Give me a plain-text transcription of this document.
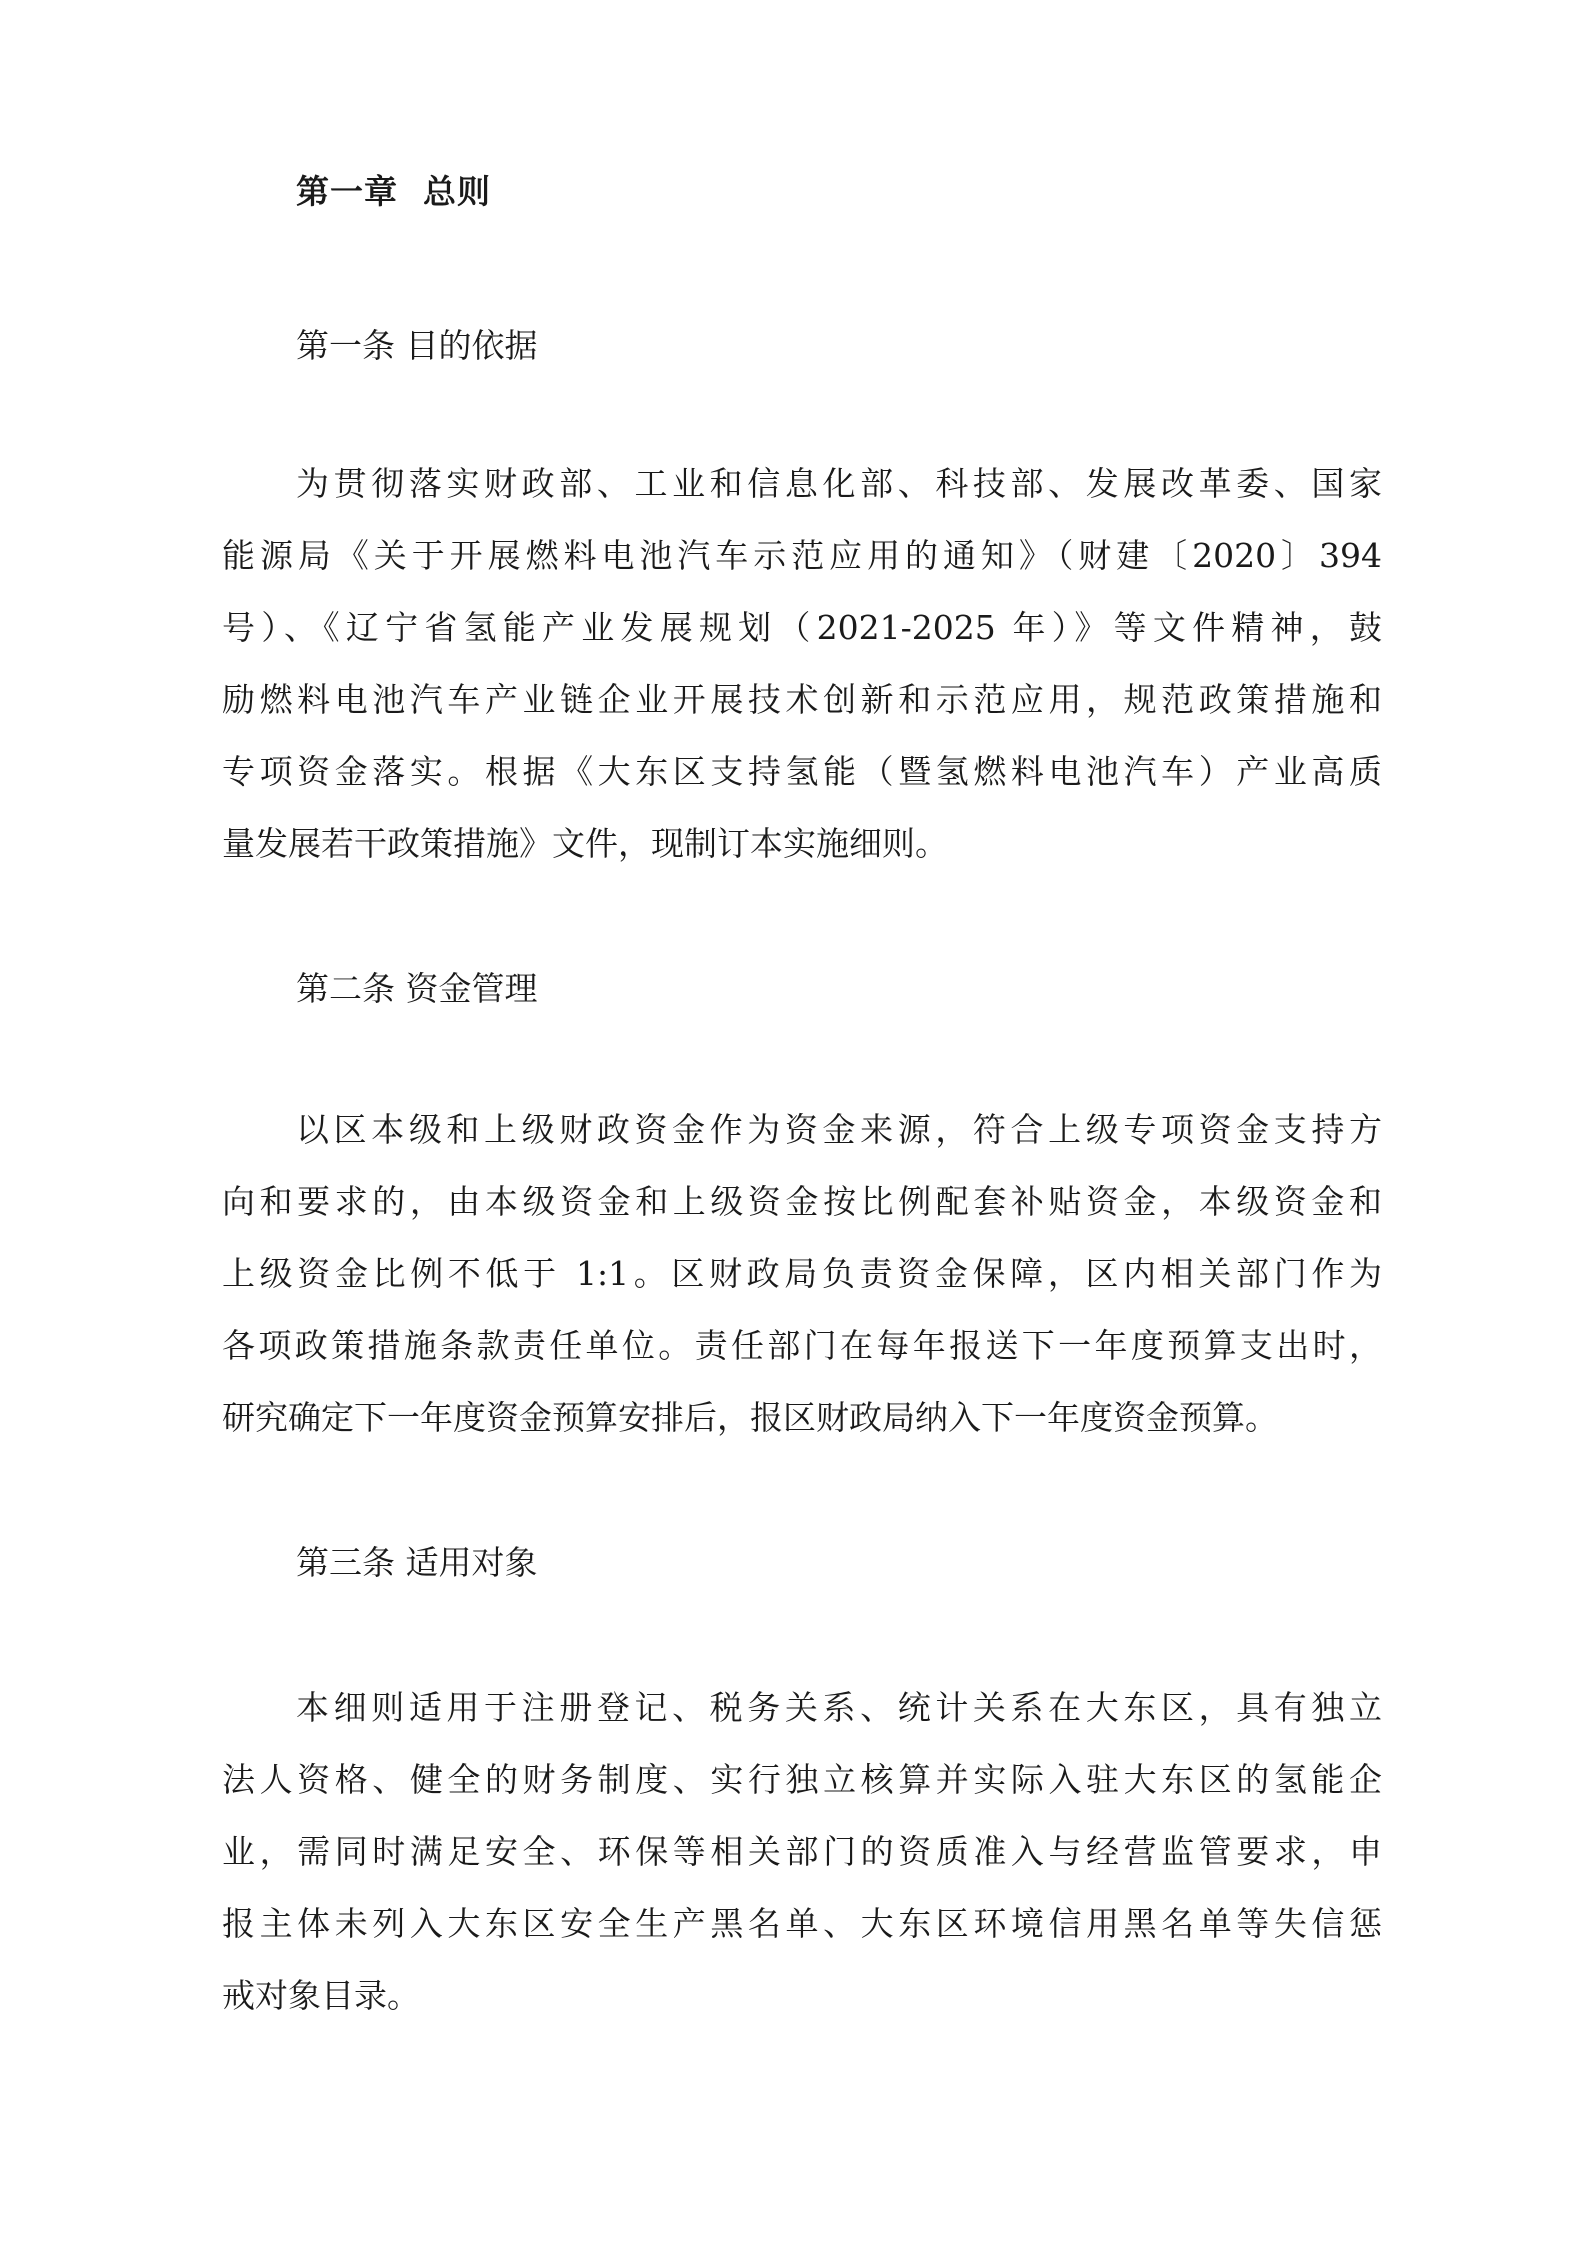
第一章  总则
第一条 目的依据
为贯彻落实财政部、工业和信息化部、科技部、发展改革委、国家
能源局《关于开展燃料电池汽车示范应用的通知》（财建〔2020〕394
号）、《辽宁省氢能产业发展规划（2021-2025 年）》等文件精神，鼓
励燃料电池汽车产业链企业开展技术创新和示范应用，规范政策措施和
专项资金落实。根据《大东区支持氢能（暨氢燃料电池汽车）产业高质
量发展若干政策措施》文件，现制订本实施细则。
第二条 资金管理
以区本级和上级财政资金作为资金来源，符合上级专项资金支持方
向和要求的，由本级资金和上级资金按比例配套补贴资金，本级资金和
上级资金比例不低于 1:1。区财政局负责资金保障，区内相关部门作为
各项政策措施条款责任单位。责任部门在每年报送下一年度预算支出时，
研究确定下一年度资金预算安排后，报区财政局纳入下一年度资金预算。
第三条 适用对象
本细则适用于注册登记、税务关系、统计关系在大东区，具有独立
法人资格、健全的财务制度、实行独立核算并实际入驻大东区的氢能企
业，需同时满足安全、环保等相关部门的资质准入与经营监管要求，申
报主体未列入大东区安全生产黑名单、大东区环境信用黑名单等失信惩
戒对象目录。
